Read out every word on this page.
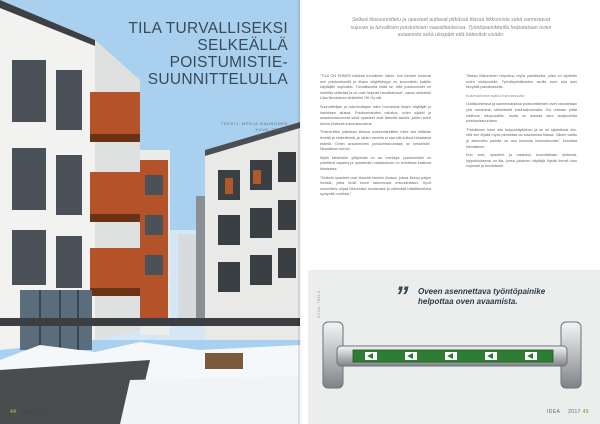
TILA TURVALLISEKSI
SELKEÄLLÄ
POISTUMISTIE-
SUUNNITTELULLA
TEKSTI: MERJA MAUNONEN
KUVA: TEKLO
44 IDEA 2017
Selkeä tilasuunnittelu ja opasteet auttavat pitkässä tilassa liikkumista sekä varmistavat sujuvan ja turvallisen poistumisen vaaratilanteissa. Työntöpainikkeilla helpotetaan ovien avaamista sekä ulospäin että kätevästi sisään.

"TILA ON ENNEN kaikkea turvallinen silloin, kun ihmiset tuntevat sen poistumisreitit ja tilojen käytettävyys on suunniteltu kaikille käyttäjille sopivaksi. Turvallisuutta lisää se, että poistumistiet on merkitty selkeästi ja ne ovat helposti havaittavissa", sanoo arkkitehti Liisa Nevalainen Arkkitehti OK Oy:stä.

Suunnittelijan ja rakennuttajan tulee huomioida tilojen käyttäjät jo hankkeen alussa. Poistumisteiden mitoitus, ovien sijainti ja avautumissuunnat sekä opasteet ovat tärkeitä asioita, joiden tulee toimia yhdessä kokonaisuutena.

"Esimerkiksi julkisissa tiloissa poistumisreittien tulee olla riittävän leveitä ja esteettömiä, ja niiden varrella ei saa olla kulkua hidastavia esteitä. Ovien avautuminen poistumissuuntaan on keskeistä", Nevalainen kertoo.

Myös kiinteistön ylläpidolla on iso merkitys: poistumistiet on pidettävä vapaina ja opasteiden valaistuksen on toimittava kaikissa tilanteissa.

"Selkeät opasteet ovat tärkeitä etenkin tiloissa, joissa liikkuu paljon ihmisiä, jotka eivät tunne rakennusta entuudestaan. Hyvä suunnittelu ohjaa liikkumista luontevasti ja vähentää hätätilanteissa syntyvää ruuhkaa."

Tilassa liikkuminen helpottuu myös painikkeilla, jotka on sijoitettu ovien sisäpuolelle. Työntöpainikkeiden avulla oven saa auki kevyellä painalluksella.

Kulunvalvonta osaksi kokonaisuutta

Uudiskohteissa ja saneerauksissa poistumisteiden ovet varustetaan yhä useammin sähköisellä kulunvalvonnalla. Ovi voidaan pitää lukittuna ulkopuolelta, mutta se aukeaa aina sisäpuolelta poistumissuuntaan.

"Painikkeen tulee olla helppokäyttöinen ja se on sijoitettava niin, että sen löytää myös pimeässä tai savuisessa tilassa. Oikein valittu ja asennettu painike on osa toimivaa kokonaisuutta", korostaa Nevalainen.

Kun ovet, opasteet ja valaistus suunnitellaan yhdessä, lopputuloksena on tila, jossa jokainen käyttäjä löytää tiensä ulos nopeasti ja turvallisesti.

KUVA: TEKLO	” Oveen asennettava työntöpainike helpottaa oven avaamista.
IDEA 2017 45
